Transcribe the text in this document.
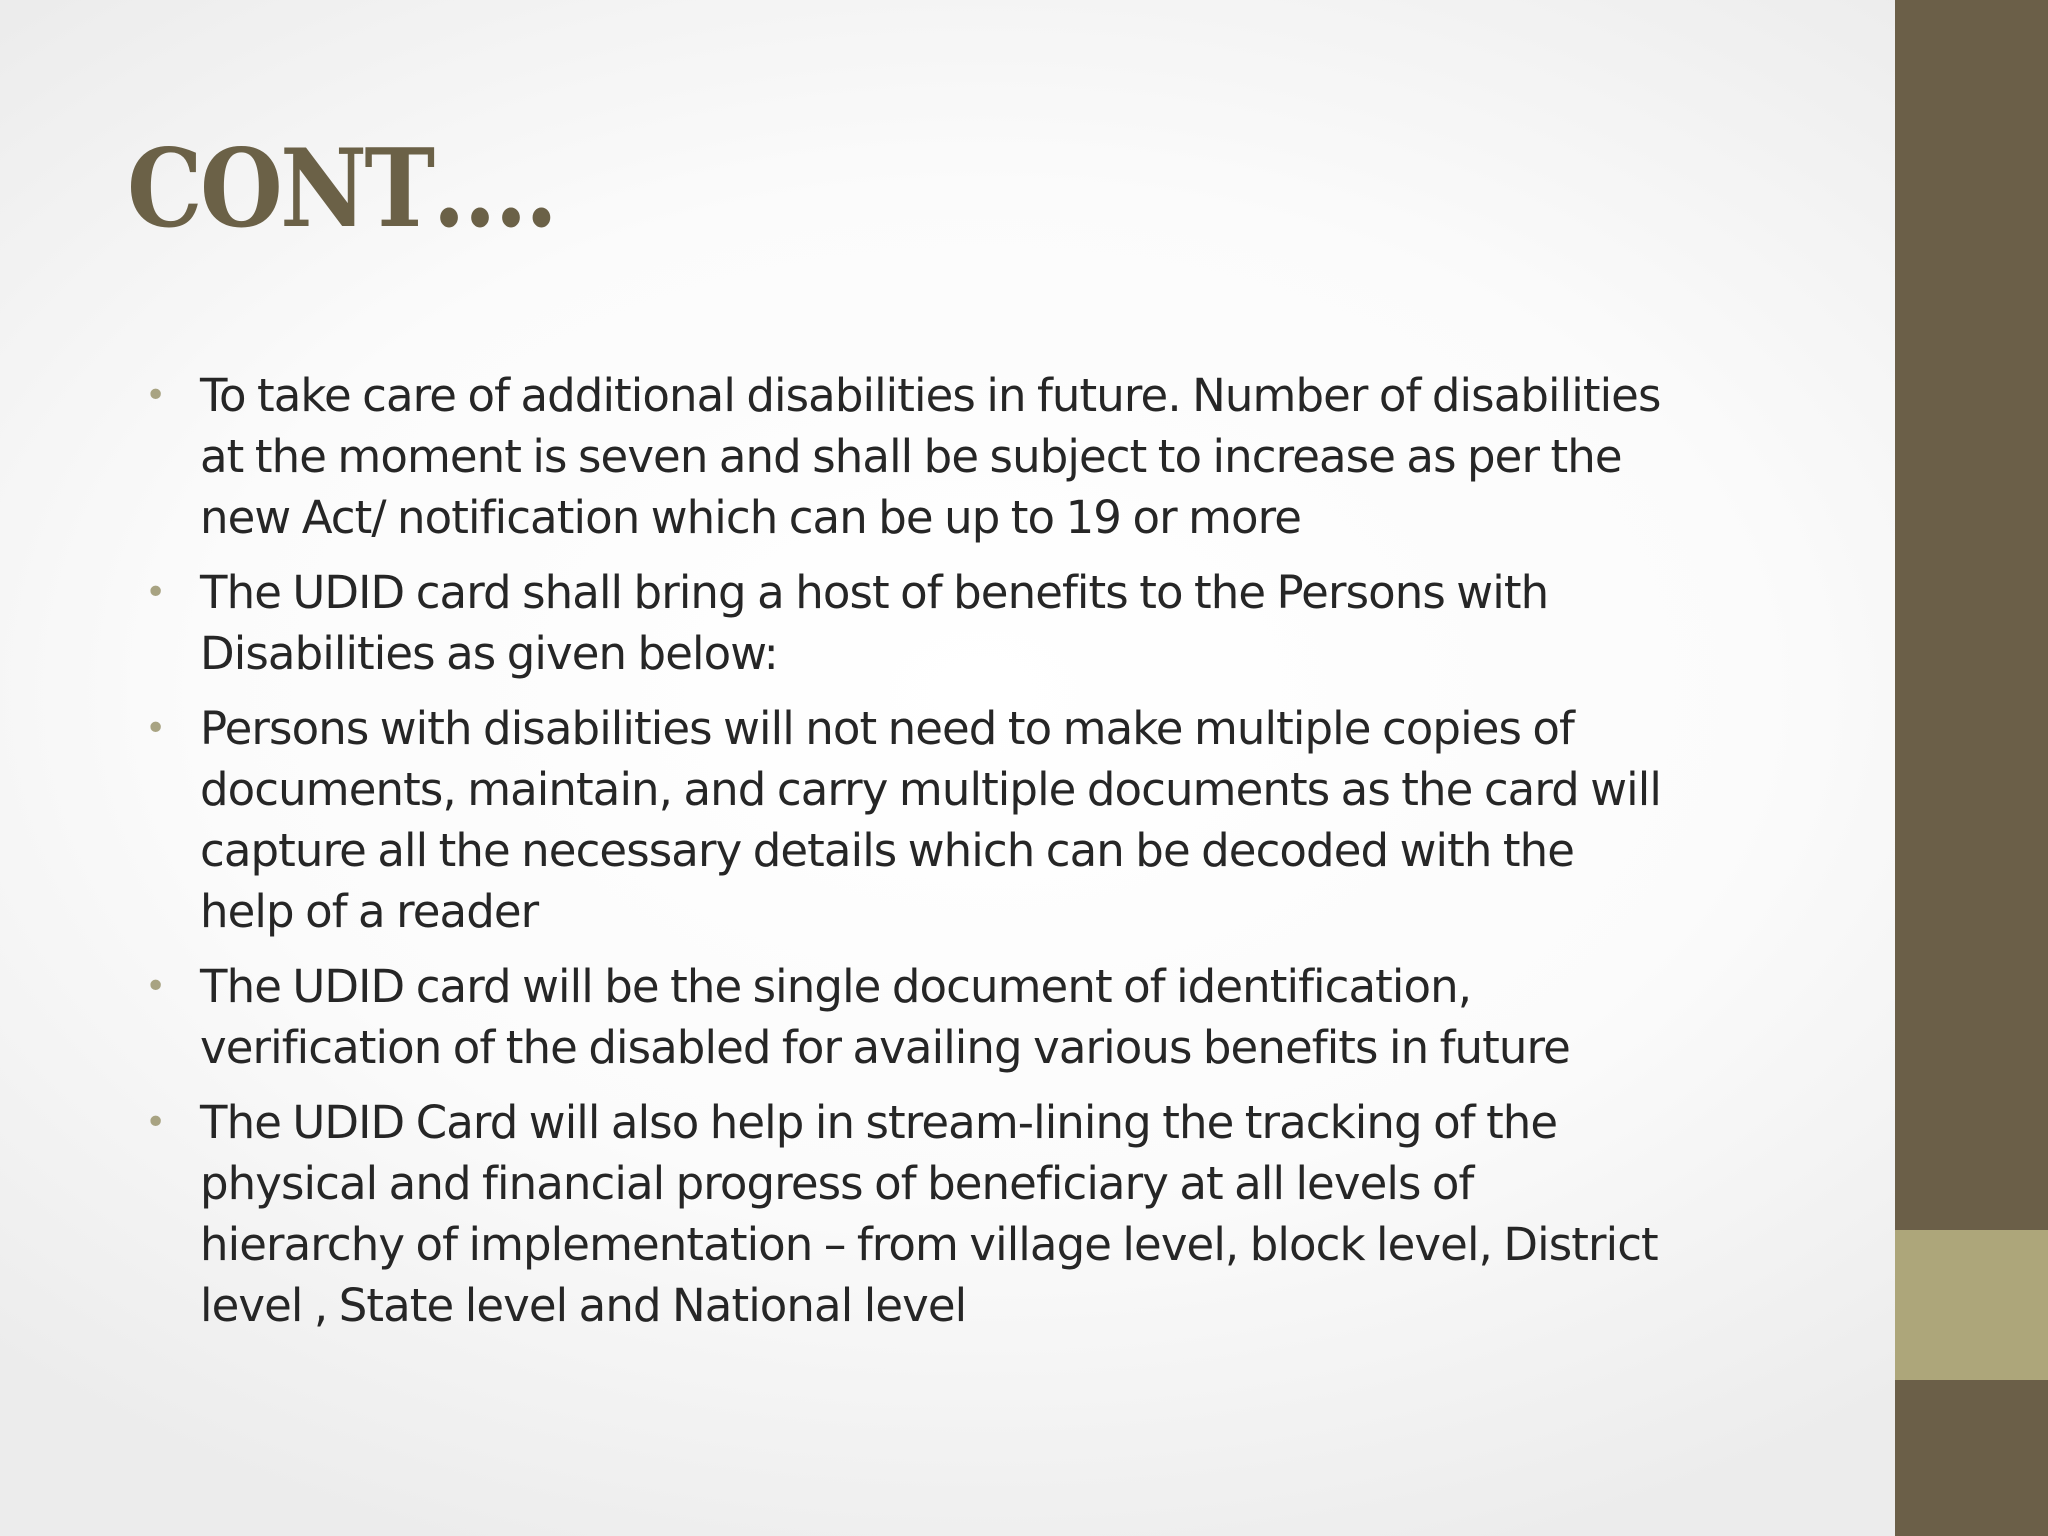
CONT….
• To take care of additional disabilities in future. Number of disabilities
at the moment is seven and shall be subject to increase as per the
new Act/ notification which can be up to 19 or more
• The UDID card shall bring a host of benefits to the Persons with
Disabilities as given below:
• Persons with disabilities will not need to make multiple copies of
documents, maintain, and carry multiple documents as the card will
capture all the necessary details which can be decoded with the
help of a reader
• The UDID card will be the single document of identification,
verification of the disabled for availing various benefits in future
• The UDID Card will also help in stream-lining the tracking of the
physical and financial progress of beneficiary at all levels of
hierarchy of implementation – from village level, block level, District
level , State level and National level
